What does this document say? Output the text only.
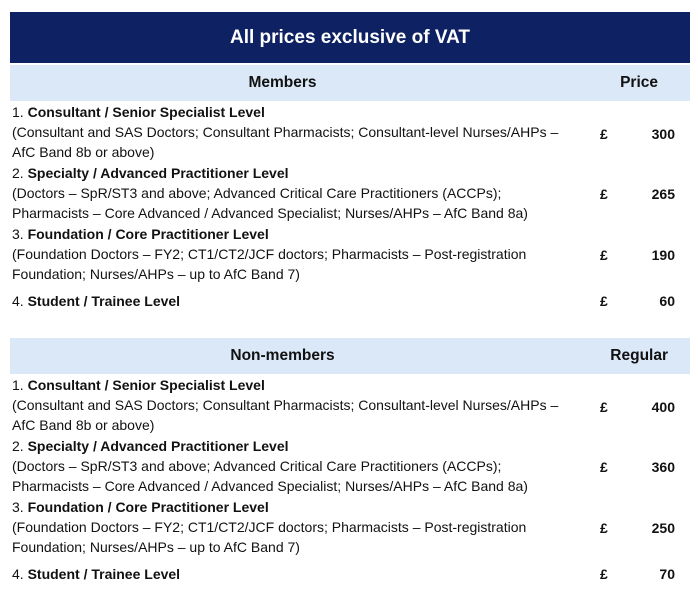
All prices exclusive of VAT
Members	Price
1. Consultant / Senior Specialist Level
(Consultant and SAS Doctors; Consultant Pharmacists; Consultant-level Nurses/AHPs – AfC Band 8b or above)
£	300
2. Specialty / Advanced Practitioner Level
(Doctors – SpR/ST3 and above; Advanced Critical Care Practitioners (ACCPs); Pharmacists – Core Advanced / Advanced Specialist; Nurses/AHPs – AfC Band 8a)
£	265
3. Foundation / Core Practitioner Level
(Foundation Doctors – FY2; CT1/CT2/JCF doctors; Pharmacists – Post-registration Foundation; Nurses/AHPs – up to AfC Band 7)
£	190
4. Student / Trainee Level	£	60
Non-members	Regular
1. Consultant / Senior Specialist Level
(Consultant and SAS Doctors; Consultant Pharmacists; Consultant-level Nurses/AHPs – AfC Band 8b or above)
£	400
2. Specialty / Advanced Practitioner Level
(Doctors – SpR/ST3 and above; Advanced Critical Care Practitioners (ACCPs); Pharmacists – Core Advanced / Advanced Specialist; Nurses/AHPs – AfC Band 8a)
£	360
3. Foundation / Core Practitioner Level
(Foundation Doctors – FY2; CT1/CT2/JCF doctors; Pharmacists – Post-registration Foundation; Nurses/AHPs – up to AfC Band 7)
£	250
4. Student / Trainee Level	£	70
